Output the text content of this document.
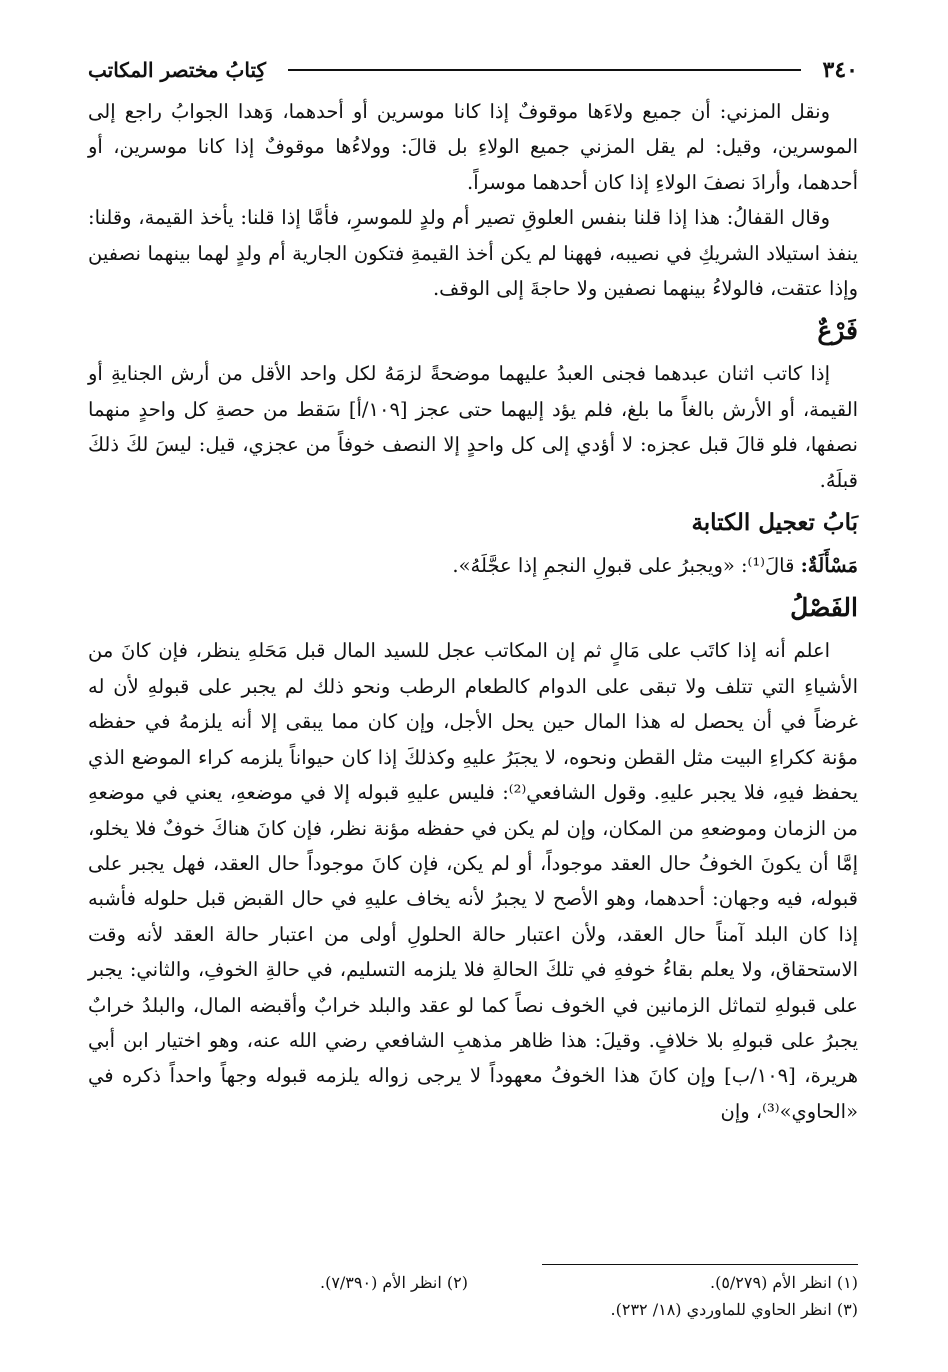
٣٤٠
كِتابُ مختصر المكاتب

ونقل المزني: أن جميع ولاءَها موقوفٌ إذا كانا موسرين أو أحدهما، وَهدا الجوابُ راجع إلى الموسرين، وقيل: لم يقل المزني جميع الولاءِ بل قالَ: وولاءُها موقوفٌ إذا كانا موسرين، أو أحدهما، وأرادَ نصفَ الولاءِ إذا كان أحدهما موسراً.

وقال القفالُ: هذا إذا قلنا بنفس العلوقِ تصير أم ولدٍ للموسرِ، فأمَّا إذا قلنا: يأخذ القيمة، وقلنا: ينفذ استيلاد الشريكِ في نصيبه، فههنا لم يكن أخذ القيمةِ فتكون الجارية أم ولدٍ لهما بينهما نصفين وإذا عتقت، فالولاءُ بينهما نصفين ولا حاجةَ إلى الوقف.

فَرْعٌ

إذا كاتب اثنان عبدهما فجنى العبدُ عليهما موضحةً لزمَهُ لكل واحد الأقل من أرش الجنايةِ أو القيمة، أو الأرش بالغاً ما بلغ، فلم يؤد إليهما حتى عجز [١٠٩/أ] سَقط من حصةِ كل واحدٍ منهما نصفها، فلو قالَ قبل عجزه: لا أؤدي إلى كل واحدٍ إلا النصف خوفاً من عجزي، قيل: ليسَ لكَ ذلكَ قبلَهُ.

بَابُ تعجيل الكتابة

مَسْأَلَةٌ: قالَ⁽¹⁾: «ويجبرُ على قبولِ النجمِ إذا عجَّلَهُ».

الفَصْلُ

اعلم أنه إذا كاتَب على مَالٍ ثم إن المكاتب عجل للسيد المال قبل مَحَلهِ ينظر، فإن كانَ من الأشياءِ التي تتلف ولا تبقى على الدوام كالطعام الرطب ونحو ذلك لم يجبر على قبولهِ لأن له غرضاً في أن يحصل له هذا المال حين يحل الأجل، وإن كان مما يبقى إلا أنه يلزمهُ في حفظه مؤنة ككراءِ البيت مثل القطن ونحوه، لا يجبَرُ عليهِ وكذلكَ إذا كان حيواناً يلزمه كراء الموضع الذي يحفظ فيهِ، فلا يجبر عليهِ. وقول الشافعي⁽²⁾: فليس عليهِ قبوله إلا في موضعهِ، يعني في موضعهِ من الزمان وموضعهِ من المكان، وإن لم يكن في حفظه مؤنة نظر، فإن كانَ هناكَ خوفٌ فلا يخلو، إمَّا أن يكونَ الخوفُ حال العقد موجوداً، أو لم يكن، فإن كانَ موجوداً حال العقد، فهل يجبر على قبوله، فيه وجهان: أحدهما، وهو الأصح لا يجبرُ لأنه يخاف عليهِ في حال القبض قبل حلوله فأشبه إذا كان البلد آمناً حال العقد، ولأن اعتبار حالة الحلولِ أولى من اعتبار حالة العقد لأنه وقت الاستحقاق، ولا يعلم بقاءُ خوفهِ في تلكَ الحالةِ فلا يلزمه التسليم، في حالةِ الخوفِ، والثاني: يجبر على قبولهِ لتماثل الزمانين في الخوف نصاً كما لو عقد والبلد خرابٌ وأقبضه المال، والبلدُ خرابٌ يجبرُ على قبولهِ بلا خلافٍ. وقيلَ: هذا ظاهر مذهبِ الشافعي رضي الله عنه، وهو اختيار ابن أبي هريرة، [١٠٩/ب] وإن كانَ هذا الخوفُ معهوداً لا يرجى زواله يلزمه قبوله وجهاً واحداً ذكره في «الحاوي»⁽³⁾، وإن

(١) انظر الأم (٥/٢٧٩).
(٢) انظر الأم (٧/٣٩٠).
(٣) انظر الحاوي للماوردي (١٨/ ٢٣٢).
